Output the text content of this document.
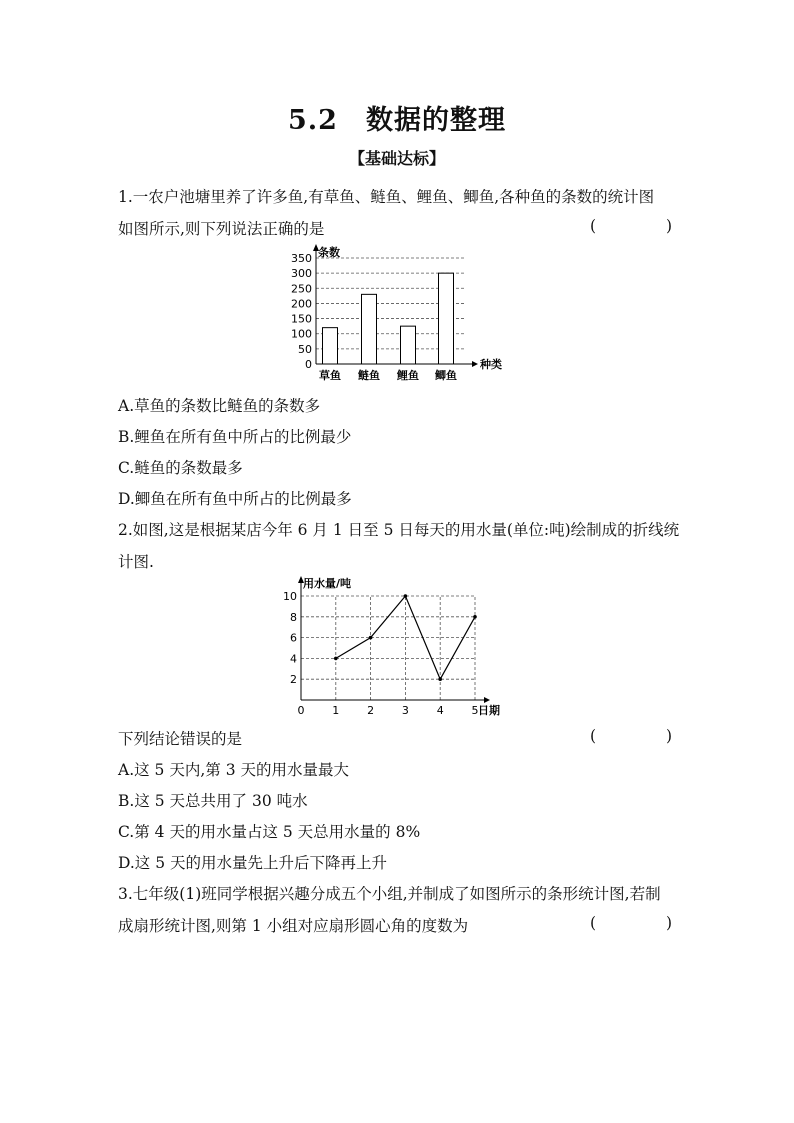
5.2　数据的整理
【基础达标】
1.一农户池塘里养了许多鱼,有草鱼、鲢鱼、鲤鱼、鲫鱼,各种鱼的条数的统计图
如图所示,则下列说法正确的是	(	)
0
50
100
150
200
250
300
350 条数
种类
草鱼 鲢鱼 鲤鱼 鲫鱼
A.草鱼的条数比鲢鱼的条数多
B.鲤鱼在所有鱼中所占的比例最少
C.鲢鱼的条数最多
D.鲫鱼在所有鱼中所占的比例最多
2.如图,这是根据某店今年 6 月 1 日至 5 日每天的用水量(单位:吨)绘制成的折线统
计图.
2
4
6
8
10
0	1	2	3	4	5
用水量/吨
日期
下列结论错误的是	(	)
A.这 5 天内,第 3 天的用水量最大
B.这 5 天总共用了 30 吨水
C.第 4 天的用水量占这 5 天总用水量的 8%
D.这 5 天的用水量先上升后下降再上升
3.七年级(1)班同学根据兴趣分成五个小组,并制成了如图所示的条形统计图,若制
成扇形统计图,则第 1 小组对应扇形圆心角的度数为	(	)
